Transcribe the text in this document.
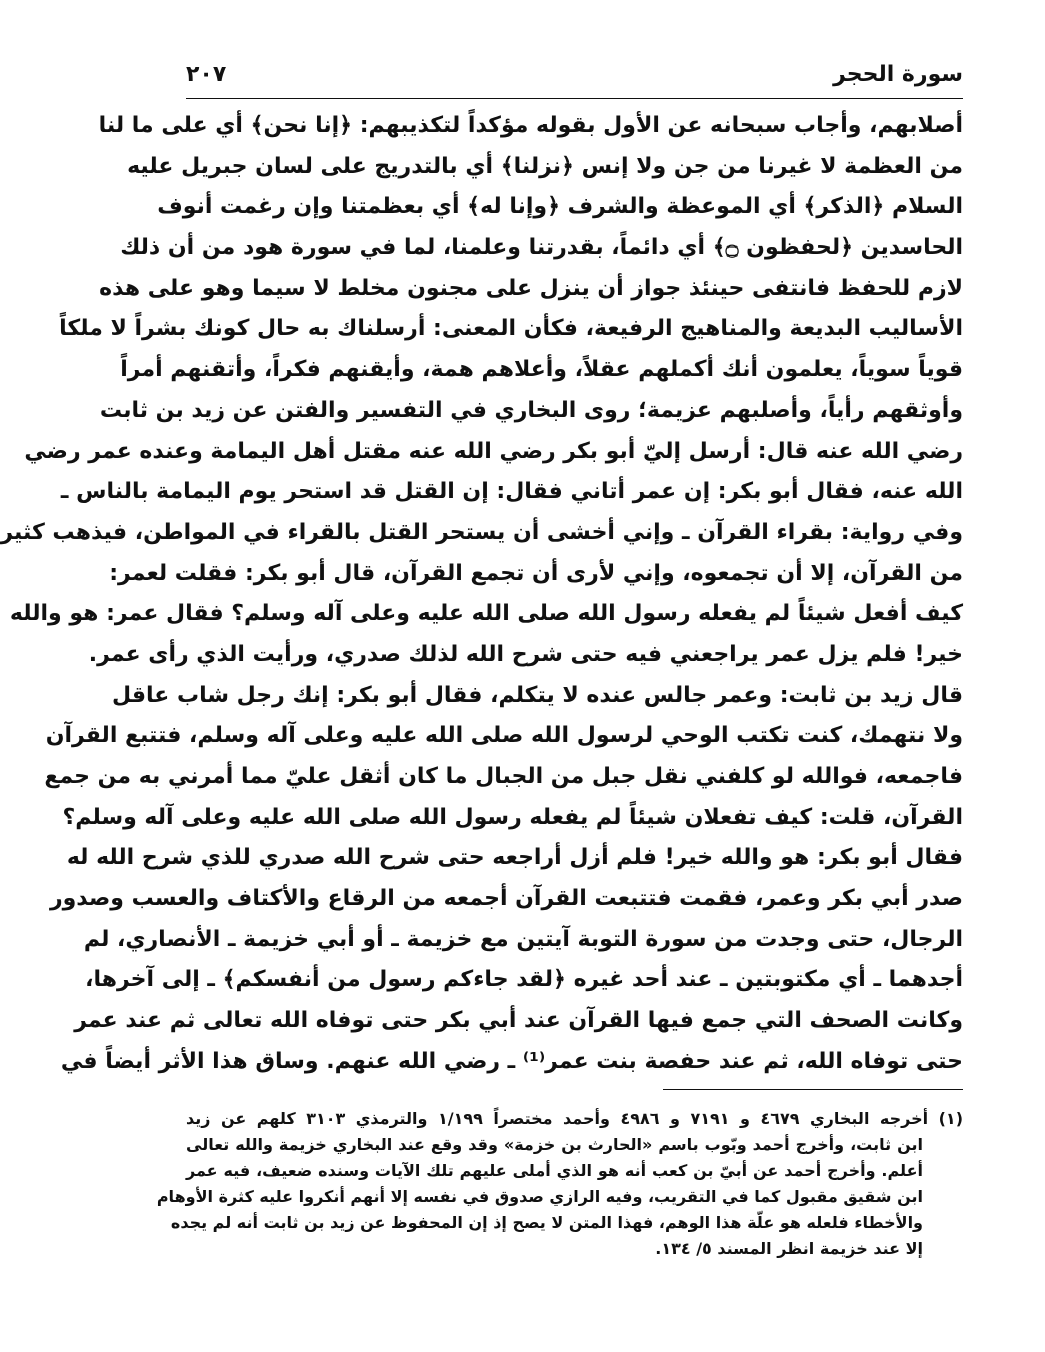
سورة الحجر
٢٠٧
أصلابهم، وأجاب سبحانه عن الأول بقوله مؤكداً لتكذيبهم: ﴿إنا نحن﴾ أي على ما لنا
من العظمة لا غيرنا من جن ولا إنس ﴿نزلنا﴾ أي بالتدريج على لسان جبريل عليه
السلام ﴿الذكر﴾ أي الموعظة والشرف ﴿وإنا له﴾ أي بعظمتنا وإن رغمت أنوف
الحاسدين ﴿لحفظون ۝﴾ أي دائماً، بقدرتنا وعلمنا، لما في سورة هود من أن ذلك
لازم للحفظ فانتفى حينئذ جواز أن ينزل على مجنون مخلط لا سيما وهو على هذه
الأساليب البديعة والمناهيج الرفيعة، فكأن المعنى: أرسلناك به حال كونك بشراً لا ملكاً
قوياً سوياً، يعلمون أنك أكملهم عقلاً، وأعلاهم همة، وأيقنهم فكراً، وأتقنهم أمراً
وأوثقهم رأياً، وأصلبهم عزيمة؛ روى البخاري في التفسير والفتن عن زيد بن ثابت
رضي الله عنه قال: أرسل إليّ أبو بكر رضي الله عنه مقتل أهل اليمامة وعنده عمر رضي
الله عنه، فقال أبو بكر: إن عمر أتاني فقال: إن القتل قد استحر يوم اليمامة بالناس ـ
وفي رواية: بقراء القرآن ـ وإني أخشى أن يستحر القتل بالقراء في المواطن، فيذهب كثير
من القرآن، إلا أن تجمعوه، وإني لأرى أن تجمع القرآن، قال أبو بكر: فقلت لعمر:
كيف أفعل شيئاً لم يفعله رسول الله صلى الله عليه وعلى آله وسلم؟ فقال عمر: هو والله
خير! فلم يزل عمر يراجعني فيه حتى شرح الله لذلك صدري، ورأيت الذي رأى عمر.
قال زيد بن ثابت: وعمر جالس عنده لا يتكلم، فقال أبو بكر: إنك رجل شاب عاقل
ولا نتهمك، كنت تكتب الوحي لرسول الله صلى الله عليه وعلى آله وسلم، فتتبع القرآن
فاجمعه، فوالله لو كلفني نقل جبل من الجبال ما كان أثقل عليّ مما أمرني به من جمع
القرآن، قلت: كيف تفعلان شيئاً لم يفعله رسول الله صلى الله عليه وعلى آله وسلم؟
فقال أبو بكر: هو والله خير! فلم أزل أراجعه حتى شرح الله صدري للذي شرح الله له
صدر أبي بكر وعمر، فقمت فتتبعت القرآن أجمعه من الرقاع والأكتاف والعسب وصدور
الرجال، حتى وجدت من سورة التوبة آيتين مع خزيمة ـ أو أبي خزيمة ـ الأنصاري، لم
أجدهما ـ أي مكتوبتين ـ عند أحد غيره ﴿لقد جاءكم رسول من أنفسكم﴾ ـ إلى آخرها،
وكانت الصحف التي جمع فيها القرآن عند أبي بكر حتى توفاه الله تعالى ثم عند عمر
حتى توفاه الله، ثم عند حفصة بنت عمر⁽¹⁾ ـ رضي الله عنهم. وساق هذا الأثر أيضاً في
(١) أخرجه البخاري ٤٦٧٩ و ٧١٩١ و ٤٩٨٦ وأحمد مختصراً ١/١٩٩ والترمذي ٣١٠٣ كلهم عن زيد
ابن ثابت، وأخرج أحمد وبّوب باسم «الحارث بن خزمة» وقد وقع عند البخاري خزيمة والله تعالى
أعلم. وأخرج أحمد عن أبيّ بن كعب أنه هو الذي أملى عليهم تلك الآيات وسنده ضعيف، فيه عمر
ابن شقيق مقبول كما في التقريب، وفيه الرازي صدوق في نفسه إلا أنهم أنكروا عليه كثرة الأوهام
والأخطاء فلعله هو علّة هذا الوهم، فهذا المتن لا يصح إذ إن المحفوظ عن زيد بن ثابت أنه لم يجده
إلا عند خزيمة انظر المسند ٥/ ١٣٤.
